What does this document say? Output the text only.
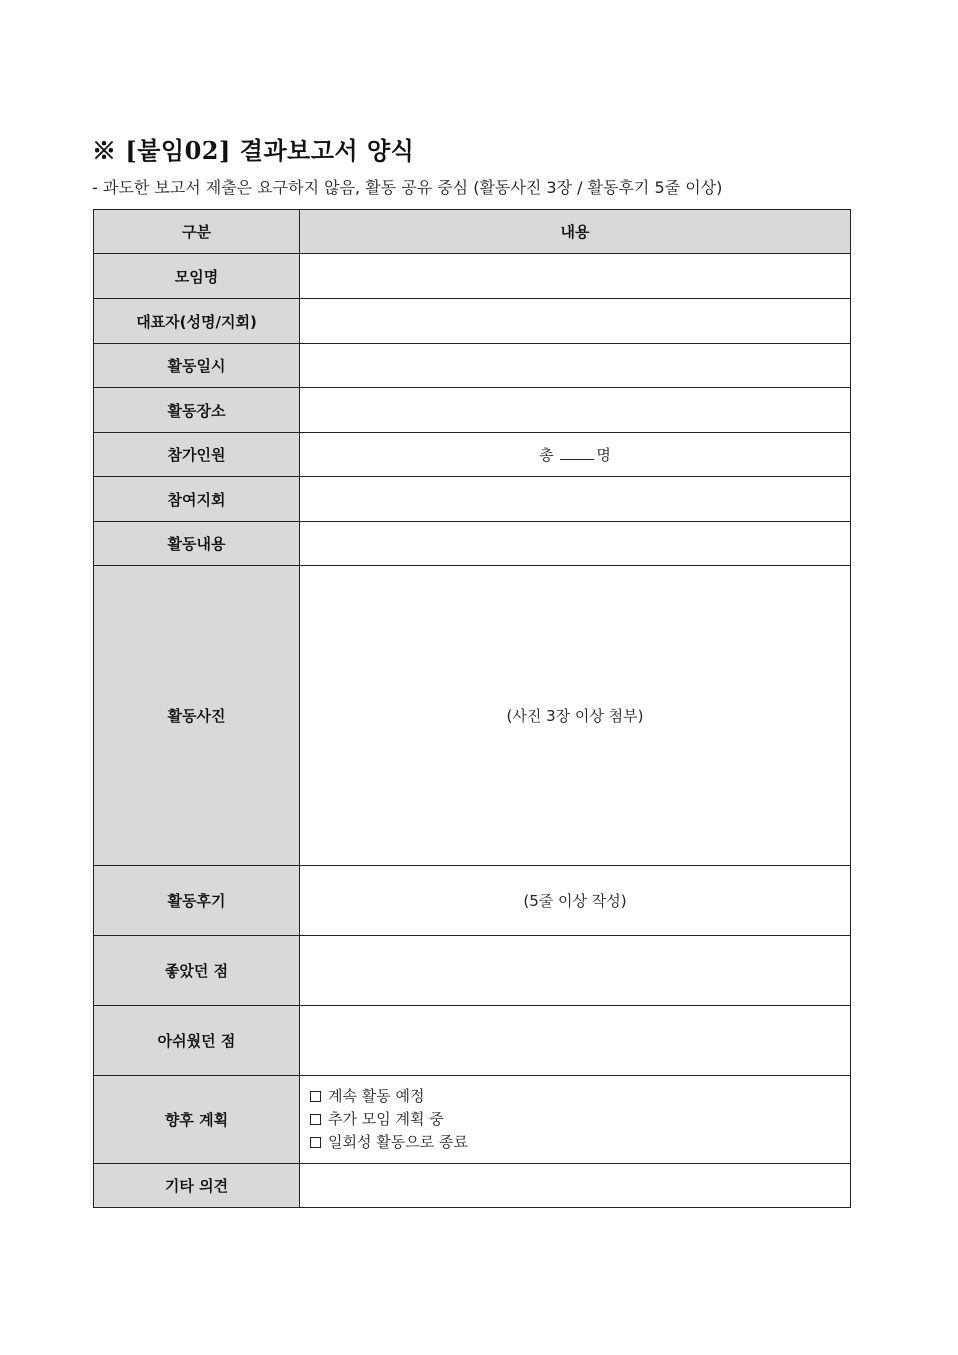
※ [붙임02] 결과보고서 양식
- 과도한 보고서 제출은 요구하지 않음, 활동 공유 중심 (활동사진 3장 / 활동후기 5줄 이상)
구분	내용
모임명	
대표자(성명/지회)	
활동일시	
활동장소	
참가인원	총 명
참여지회	
활동내용	
활동사진	(사진 3장 이상 첨부)
활동후기	(5줄 이상 작성)
좋았던 점	
아쉬웠던 점	
향후 계획	계속 활동 예정
추가 모임 계획 중
일회성 활동으로 종료

기타 의견	
